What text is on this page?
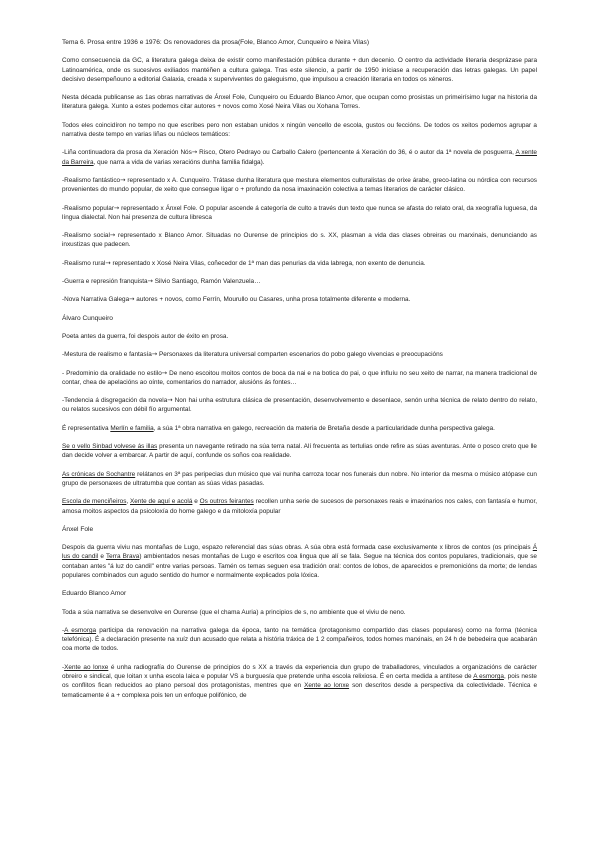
Tema 6. Prosa entre 1936 e 1976: Os renovadores da prosa(Fole, Blanco Amor, Cunqueiro e Neira Vilas)

Como consecuencia da GC, a literatura galega deixa de existir como manifestación pública durante + dun decenio. O centro da actividade literaria desprázase para Latinoamérica, onde os sucesivos exiliados mantéñen a cultura galega. Tras este silencio, a partir de 1950 iníciase a recuperación das letras galegas. Un papel decisivo desempeñouno a editorial Galaxia, creada x superviventes do galeguismo, que impulsou a creación literaria en todos os xéneros.

Nesta década publicanse as 1as obras narrativas de Ánxel Fole, Cunqueiro ou Eduardo Blanco Amor, que ocupan como prosistas un primeirísimo lugar na historia da literatura galega. Xunto a estes podemos citar autores + novos como Xosé Neira Vilas ou Xohana Torres.

Todos eles coincidíron no tempo no que escribes pero non estaban unidos x ningún vencello de escola, gustos ou feccións. De todos os xeitos podemos agrupar a narrativa deste tempo en varias liñas ou núcleos temáticos:

-Liña continuadora da prosa da Xeración Nós→ Risco, Otero Pedrayo ou Carballo Calero (pertencente á Xeración do 36, é o autor da 1ª novela de posguerra, A xente da Barreira, que narra a vida de varias xeracións dunha familia fidalga).

-Realismo fantástico→ representado x A. Cunqueiro. Trátase dunha literatura que mestura elementos culturalistas de orixe árabe, greco-latina ou nórdica con recursos provenientes do mundo popular, de xeito que consegue ligar o + profundo da nosa imaxinación colectiva a temas literarios de carácter clásico.

-Realismo popular→ representado x Ánxel Fole. O popular ascende á categoría de culto a través dun texto que nunca se afasta do relato oral, da xeografía luguesa, da língua dialectal. Non hai presenza de cultura libresca

-Realismo social→ representado x Blanco Amor. Situadas no Ourense de principios do s. XX, plasman a vida das clases obreiras ou marxinais, denunciando as inxustizas que padecen.

-Realismo rural→ representado x Xosé Neira Vilas, coñecedor de 1ª man das penurias da vida labrega, non exento de denuncia.

-Guerra e represión franquista→ Silvio Santiago, Ramón Valenzuela…

-Nova Narrativa Galega→ autores + novos, como Ferrín, Mourullo ou Casares, unha prosa totalmente diferente e moderna.

Álvaro Cunqueiro

Poeta antes da guerra, foi despois autor de éxito en prosa.

-Mestura de realismo e fantasía→ Personaxes da literatura universal comparten escenarios do pobo galego vivencias e preocupacións

- Predominio da oralidade no estilo→ De neno escoitou moitos contos de boca da nai e na botica do pai, o que influíu no seu xeito de narrar, na manera tradicional de contar, chea de apelacións ao oínte, comentarios do narrador, alusións ás fontes…

-Tendencia á disgregación da novela→ Non hai unha estrutura clásica de presentación, desenvolvemento e desenlace, senón unha técnica de relato dentro do relato, ou relatos sucesivos con débil fío argumental.

É representativa Merlín e familia, a súa 1ª obra narrativa en galego, recreación da materia de Bretaña desde a particularidade dunha perspectiva galega.

Se o vello Sinbad volvese ás illas presenta un navegante retirado na súa terra natal. Alí frecuenta as tertulias onde refire as súas aventuras. Ante o posco creto que lle dan decide volver a embarcar. A partir de aquí, confunde os soños coa realidade.

As crónicas de Sochantre relátanos en 3ª pas peripecias dun músico que vai nunha carroza tocar nos funerais dun nobre. No interior da mesma o músico atópase cun grupo de personaxes de ultratumba que contan as súas vidas pasadas.

Escola de menciñeiros, Xente de aquí e acolá e Os outros feirantes recollen unha serie de sucesos de personaxes reais e imaxinarios nos cales, con fantasía e humor, amosa moitos aspectos da psicoloxía do home galego e da mitoloxía popular

Ánxel Fole

Despois da guerra viviu nas montañas de Lugo, espazo referencial das súas obras. A súa obra está formada case exclusivamente x libros de contos (os principais Á lus do candil e Terra Brava) ambientados nesas montañas de Lugo e escritos coa lingua que alí se fala. Segue na técnica dos contos populares, tradicionais, que se contaban antes "á luz do candil" entre varias persoas. Tamén os temas seguen esa tradición oral: contos de lobos, de aparecidos e premonicións da morte; de lendas populares combinados cun agudo sentido do humor e normalmente explicados pola lóxica.

Eduardo Blanco Amor

Toda a súa narrativa se desenvolve en Ourense (que el chama Auria) a principios de s, no ambiente que el viviu de neno.

-A esmorga participa da renovación na narrativa galega da época, tanto na temática (protagonismo compartido das clases populares) como na forma (técnica telefónica). É a declaración presente na xuíz dun acusado que relata a história tráxica de 1 2 compañeiros, todos homes marxinais, en 24 h de bebedeira que acabarán coa morte de todos.

-Xente ao lonxe é unha radiografía do Ourense de principios do s XX a través da experiencia dun grupo de traballadores, vinculados a organizacións de carácter obreiro e sindical, que loitan x unha escola laica e popular VS a burguesía que pretende unha escola relixiosa. É en certa medida a antítese de A esmorga, pois neste os conflitos fican reducidos ao plano persoal dos protagonistas, mentres que en Xente ao lonxe son descritos desde a perspectiva da colectividade. Técnica e tematicamente é a + complexa pois ten un enfoque polifónico, de
